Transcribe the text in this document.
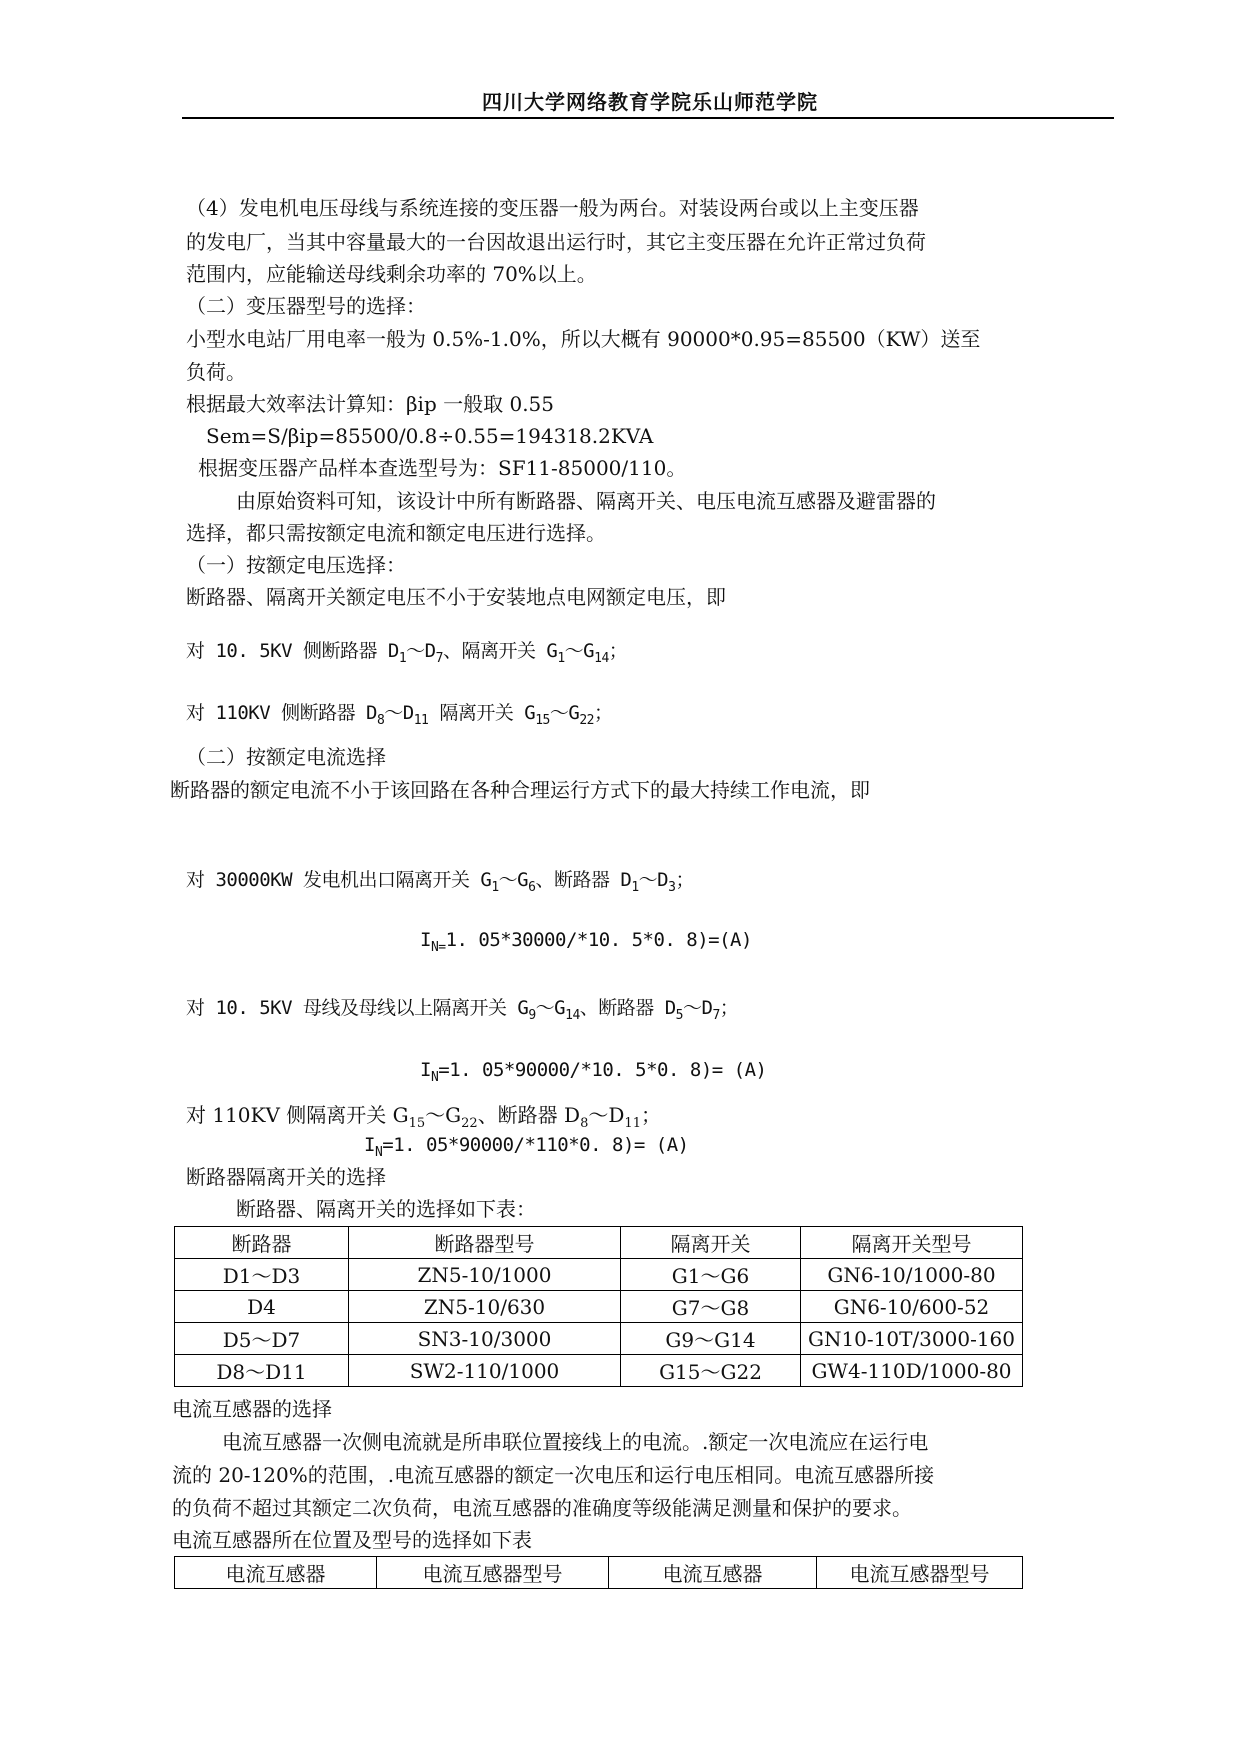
四川大学网络教育学院乐山师范学院
（4）发电机电压母线与系统连接的变压器一般为两台。对装设两台或以上主变压器
的发电厂，当其中容量最大的一台因故退出运行时，其它主变压器在允许正常过负荷
范围内，应能输送母线剩余功率的 70%以上。
（二）变压器型号的选择：
小型水电站厂用电率一般为 0.5%-1.0%，所以大概有 90000*0.95=85500（KW）送至
负荷。
根据最大效率法计算知：βip 一般取 0.55
Sem=S/βip=85500/0.8÷0.55=194318.2KVA
根据变压器产品样本查选型号为：SF11-85000/110。
由原始资料可知，该设计中所有断路器、隔离开关、电压电流互感器及避雷器的
选择，都只需按额定电流和额定电压进行选择。
（一）按额定电压选择：
断路器、隔离开关额定电压不小于安装地点电网额定电压，即
对 10. 5KV 侧断路器 $D_1\sim D_7$、隔离开关 $G_1\sim G_{14}$；
对 110KV 侧断路器 $D_8\sim D_{11}$ 隔离开关 $G_{15}\sim G_{22}$；
（二）按额定电流选择
断路器的额定电流不小于该回路在各种合理运行方式下的最大持续工作电流，即
对 30000KW 发电机出口隔离开关 $G_1\sim G_6$、断路器 $D_1\sim D_3$；
$I_{N=}1$. 05*30000/*10. 5*0. 8)=(A)
对 10. 5KV 母线及母线以上隔离开关 $G_9\sim G_{14}$、断路器 $D_5\sim D_7$；
$I_N=1$. 05*90000/*10. 5*0. 8)= (A)
对 110KV 侧隔离开关 $G_{15}\sim G_{22}$、断路器 $D_8\sim D_{11}$；
$I_N=1$. 05*90000/*110*0. 8)= (A)
断路器隔离开关的选择
断路器、隔离开关的选择如下表：
断路器	断路器型号	隔离开关	隔离开关型号
D1～D3	ZN5-10/1000	G1～G6	GN6-10/1000-80
D4	ZN5-10/630	G7～G8	GN6-10/600-52
D5～D7	SN3-10/3000	G9～G14	GN10-10T/3000-160
D8～D11	SW2-110/1000	G15～G22	GW4-110D/1000-80
电流互感器的选择
电流互感器一次侧电流就是所串联位置接线上的电流。.额定一次电流应在运行电
流的 20-120%的范围，.电流互感器的额定一次电压和运行电压相同。电流互感器所接
的负荷不超过其额定二次负荷，电流互感器的准确度等级能满足测量和保护的要求。
电流互感器所在位置及型号的选择如下表
电流互感器	电流互感器型号	电流互感器	电流互感器型号
